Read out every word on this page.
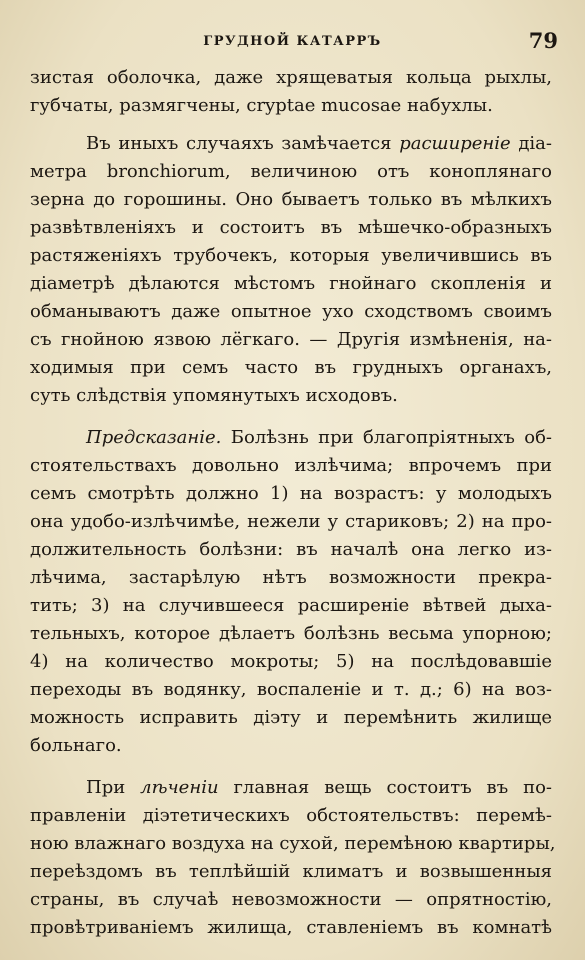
ГРУДНОЙ КАТАРРЪ	79
зистая оболочка, даже хрящеватыя кольца рыхлы,
губчаты, размягчены, cryptae mucosae набухлы.
Въ иныхъ случаяхъ замѣчается расширеніе діа-
метра bronchiorum, величиною отъ коноплянаго
зерна до горошины. Оно бываетъ только въ мѣлкихъ
развѣтвленіяхъ и состоитъ въ мѣшечко-образныхъ
растяженіяхъ трубочекъ, которыя увеличившись въ
діаметрѣ дѣлаются мѣстомъ гнойнаго скопленія и
обманываютъ даже опытное ухо сходствомъ своимъ
съ гнойною язвою лёгкаго. — Другія измѣненія, на-
ходимыя при семъ часто въ грудныхъ органахъ,
суть слѣдствія упомянутыхъ исходовъ.
Предсказаніе. Болѣзнь при благопріятныхъ об-
стоятельствахъ довольно излѣчима; впрочемъ при
семъ смотрѣть должно 1) на возрастъ: у молодыхъ
она удобо-излѣчимѣе, нежели у стариковъ; 2) на про-
должительность болѣзни: въ началѣ она легко из-
лѣчима, застарѣлую нѣтъ возможности прекра-
тить; 3) на случившееся расширеніе вѣтвей дыха-
тельныхъ, которое дѣлаетъ болѣзнь весьма упорною;
4) на количество мокроты; 5) на послѣдовавшіе
переходы въ водянку, воспаленіе и т. д.; 6) на воз-
можность исправить діэту и перемѣнить жилище
больнаго.
При лѣченіи главная вещь состоитъ въ по-
правленіи діэтетическихъ обстоятельствъ: перемѣ-
ною влажнаго воздуха на сухой, перемѣною квартиры,
переѣздомъ въ теплѣйшій климатъ и возвышенныя
страны, въ случаѣ невозможности — опрятностію,
провѣтриваніемъ жилища, ставленіемъ въ комнатѣ
